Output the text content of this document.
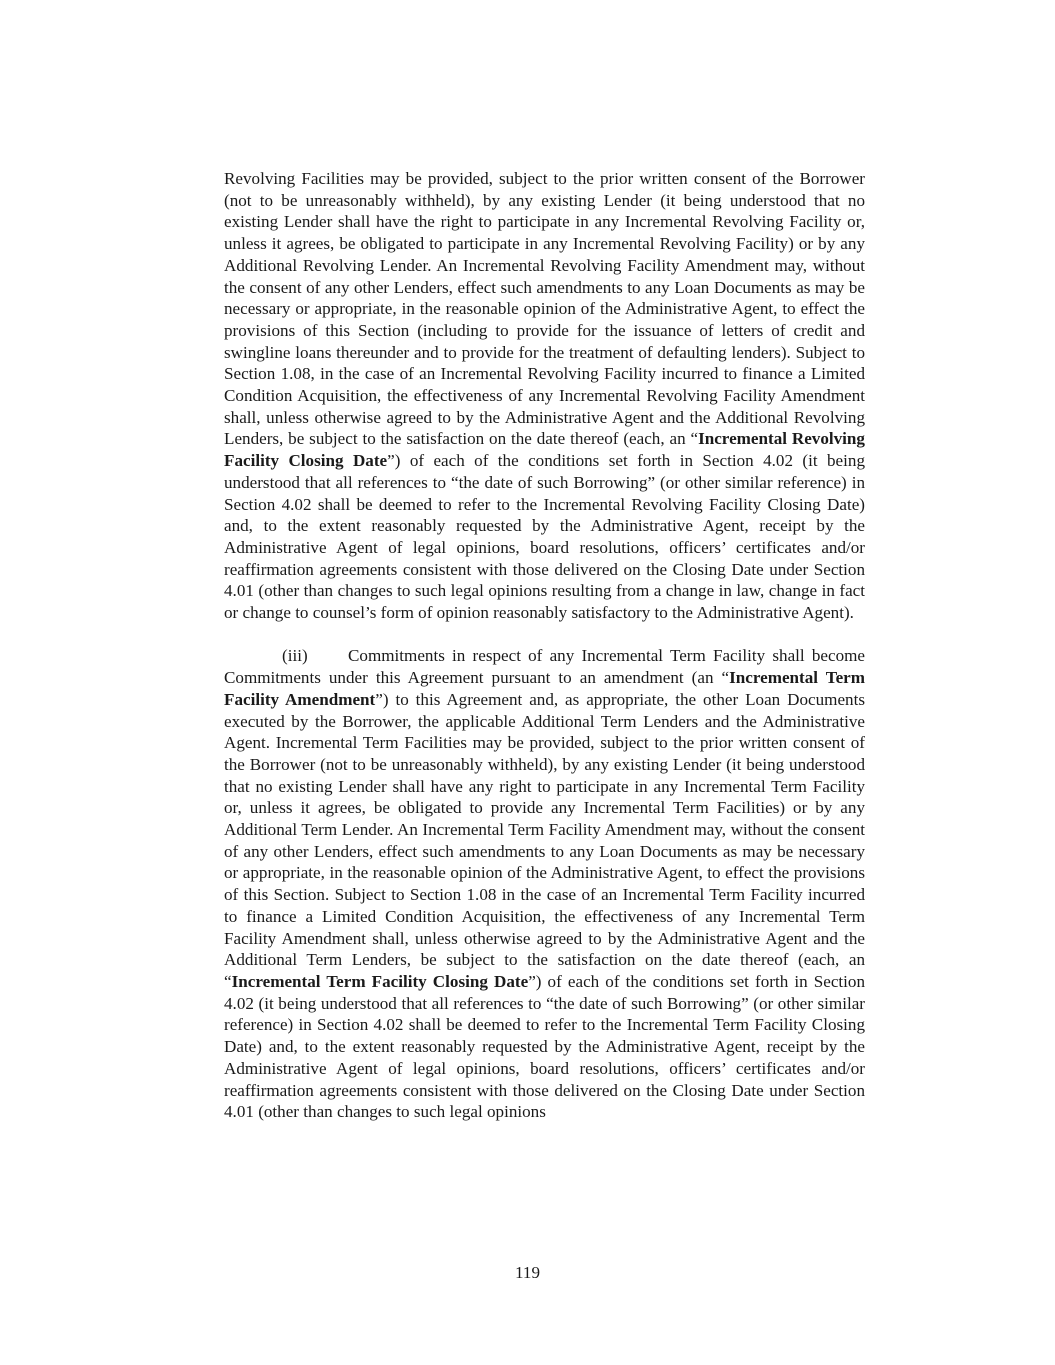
Revolving Facilities may be provided, subject to the prior written consent of the Borrower (not to be unreasonably withheld), by any existing Lender (it being understood that no existing Lender shall have the right to participate in any Incremental Revolving Facility or, unless it agrees, be obligated to participate in any Incremental Revolving Facility) or by any Additional Revolving Lender. An Incremental Revolving Facility Amendment may, without the consent of any other Lenders, effect such amendments to any Loan Documents as may be necessary or appropriate, in the reasonable opinion of the Administrative Agent, to effect the provisions of this Section (including to provide for the issuance of letters of credit and swingline loans thereunder and to provide for the treatment of defaulting lenders). Subject to Section 1.08, in the case of an Incremental Revolving Facility incurred to finance a Limited Condition Acquisition, the effectiveness of any Incremental Revolving Facility Amendment shall, unless otherwise agreed to by the Administrative Agent and the Additional Revolving Lenders, be subject to the satisfaction on the date thereof (each, an “Incremental Revolving Facility Closing Date”) of each of the conditions set forth in Section 4.02 (it being understood that all references to “the date of such Borrowing” (or other similar reference) in Section 4.02 shall be deemed to refer to the Incremental Revolving Facility Closing Date) and, to the extent reasonably requested by the Administrative Agent, receipt by the Administrative Agent of legal opinions, board resolutions, officers’ certificates and/or reaffirmation agreements consistent with those delivered on the Closing Date under Section 4.01 (other than changes to such legal opinions resulting from a change in law, change in fact or change to counsel’s form of opinion reasonably satisfactory to the Administrative Agent).

(iii) Commitments in respect of any Incremental Term Facility shall become Commitments under this Agreement pursuant to an amendment (an “Incremental Term Facility Amendment”) to this Agreement and, as appropriate, the other Loan Documents executed by the Borrower, the applicable Additional Term Lenders and the Administrative Agent. Incremental Term Facilities may be provided, subject to the prior written consent of the Borrower (not to be unreasonably withheld), by any existing Lender (it being understood that no existing Lender shall have any right to participate in any Incremental Term Facility or, unless it agrees, be obligated to provide any Incremental Term Facilities) or by any Additional Term Lender. An Incremental Term Facility Amendment may, without the consent of any other Lenders, effect such amendments to any Loan Documents as may be necessary or appropriate, in the reasonable opinion of the Administrative Agent, to effect the provisions of this Section. Subject to Section 1.08 in the case of an Incremental Term Facility incurred to finance a Limited Condition Acquisition, the effectiveness of any Incremental Term Facility Amendment shall, unless otherwise agreed to by the Administrative Agent and the Additional Term Lenders, be subject to the satisfaction on the date thereof (each, an “Incremental Term Facility Closing Date”) of each of the conditions set forth in Section 4.02 (it being understood that all references to “the date of such Borrowing” (or other similar reference) in Section 4.02 shall be deemed to refer to the Incremental Term Facility Closing Date) and, to the extent reasonably requested by the Administrative Agent, receipt by the Administrative Agent of legal opinions, board resolutions, officers’ certificates and/or reaffirmation agreements consistent with those delivered on the Closing Date under Section 4.01 (other than changes to such legal opinions

119
